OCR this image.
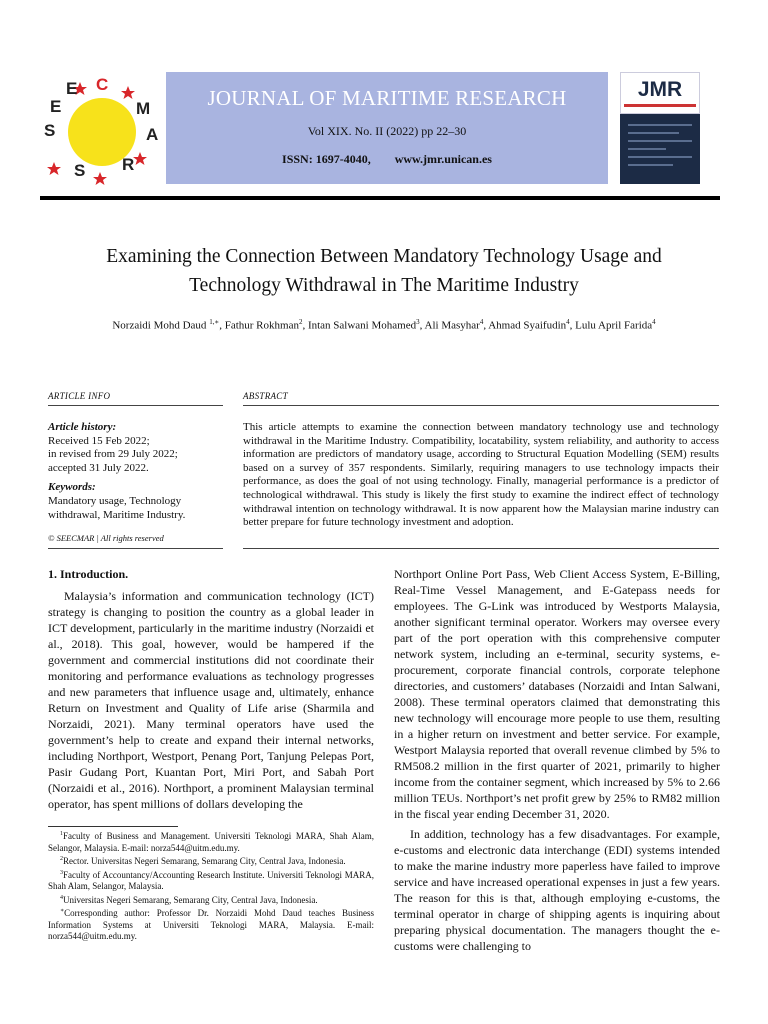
S
E
E C
M
A
R
S
JOURNAL OF MARITIME RESEARCH
Vol XIX. No. II (2022) pp 22–30
ISSN: 1697-4040, www.jmr.unican.es
JMR
Examining the Connection Between Mandatory Technology Usage and
Technology Withdrawal in The Maritime Industry
Norzaidi Mohd Daud $^{1,∗}$, Fathur Rokhman$^2$, Intan Salwani Mohamed$^3$, Ali Masyhar$^4$, Ahmad Syaifudin$^4$, Lulu April Farida$^4$
ARTICLE INFO	ABSTRACT
Article history:
Received 15 Feb 2022;
in revised from 29 July 2022;
accepted 31 July 2022.
Keywords:
Mandatory usage, Technology withdrawal, Maritime Industry.
© SEECMAR | All rights reserved
This article attempts to examine the connection between mandatory technology use and technology withdrawal in the Maritime Industry. Compatibility, locatability, system reliability, and authority to access information are predictors of mandatory usage, according to Structural Equation Modelling (SEM) results based on a survey of 357 respondents. Similarly, requiring managers to use technology impacts their performance, as does the goal of not using technology. Finally, managerial performance is a predictor of technological withdrawal. This study is likely the first study to examine the indirect effect of technology withdrawal intention on technology withdrawal. It is now apparent how the Malaysian marine industry can better prepare for future technology investment and adoption.

1. Introduction.

Malaysia’s information and communication technology (ICT) strategy is changing to position the country as a global leader in ICT development, particularly in the maritime industry (Norzaidi et al., 2018). This goal, however, would be hampered if the government and commercial institutions did not coordinate their monitoring and performance evaluations as technology progresses and new parameters that influence usage and, ultimately, enhance Return on Investment and Quality of Life arise (Sharmila and Norzaidi, 2021). Many terminal operators have used the government’s help to create and expand their internal networks, including Northport, Westport, Penang Port, Tanjung Pelepas Port, Pasir Gudang Port, Kuantan Port, Miri Port, and Sabah Port (Norzaidi et al., 2016). Northport, a prominent Malaysian terminal operator, has spent millions of dollars developing the

Northport Online Port Pass, Web Client Access System, E-Billing, Real-Time Vessel Management, and E-Gatepass needs for employees. The G-Link was introduced by Westports Malaysia, another significant terminal operator. Workers may oversee every part of the port operation with this comprehensive computer network system, including an e-terminal, security systems, e-procurement, corporate financial controls, corporate telephone directories, and customers’ databases (Norzaidi and Intan Salwani, 2008). These terminal operators claimed that demonstrating this new technology will encourage more people to use them, resulting in a higher return on investment and better service. For example, Westport Malaysia reported that overall revenue climbed by 5% to RM508.2 million in the first quarter of 2021, primarily to higher income from the container segment, which increased by 5% to 2.66 million TEUs. Northport’s net profit grew by 25% to RM82 million in the fiscal year ending December 31, 2020.

In addition, technology has a few disadvantages. For example, e-customs and electronic data interchange (EDI) systems intended to make the marine industry more paperless have failed to improve service and have increased operational expenses in just a few years. The reason for this is that, although employing e-customs, the terminal operator in charge of shipping agents is inquiring about preparing physical documentation. The managers thought the e-customs were challenging to

$^1$Faculty of Business and Management. Universiti Teknologi MARA, Shah Alam, Selangor, Malaysia. E-mail: norza544@uitm.edu.my.

$^2$Rector. Universitas Negeri Semarang, Semarang City, Central Java, Indonesia.

$^3$Faculty of Accountancy/Accounting Research Institute. Universiti Teknologi MARA, Shah Alam, Selangor, Malaysia.

$^4$Universitas Negeri Semarang, Semarang City, Central Java, Indonesia.

∗Corresponding author: Professor Dr. Norzaidi Mohd Daud teaches Business Information Systems at Universiti Teknologi MARA, Malaysia. E-mail: norza544@uitm.edu.my.
